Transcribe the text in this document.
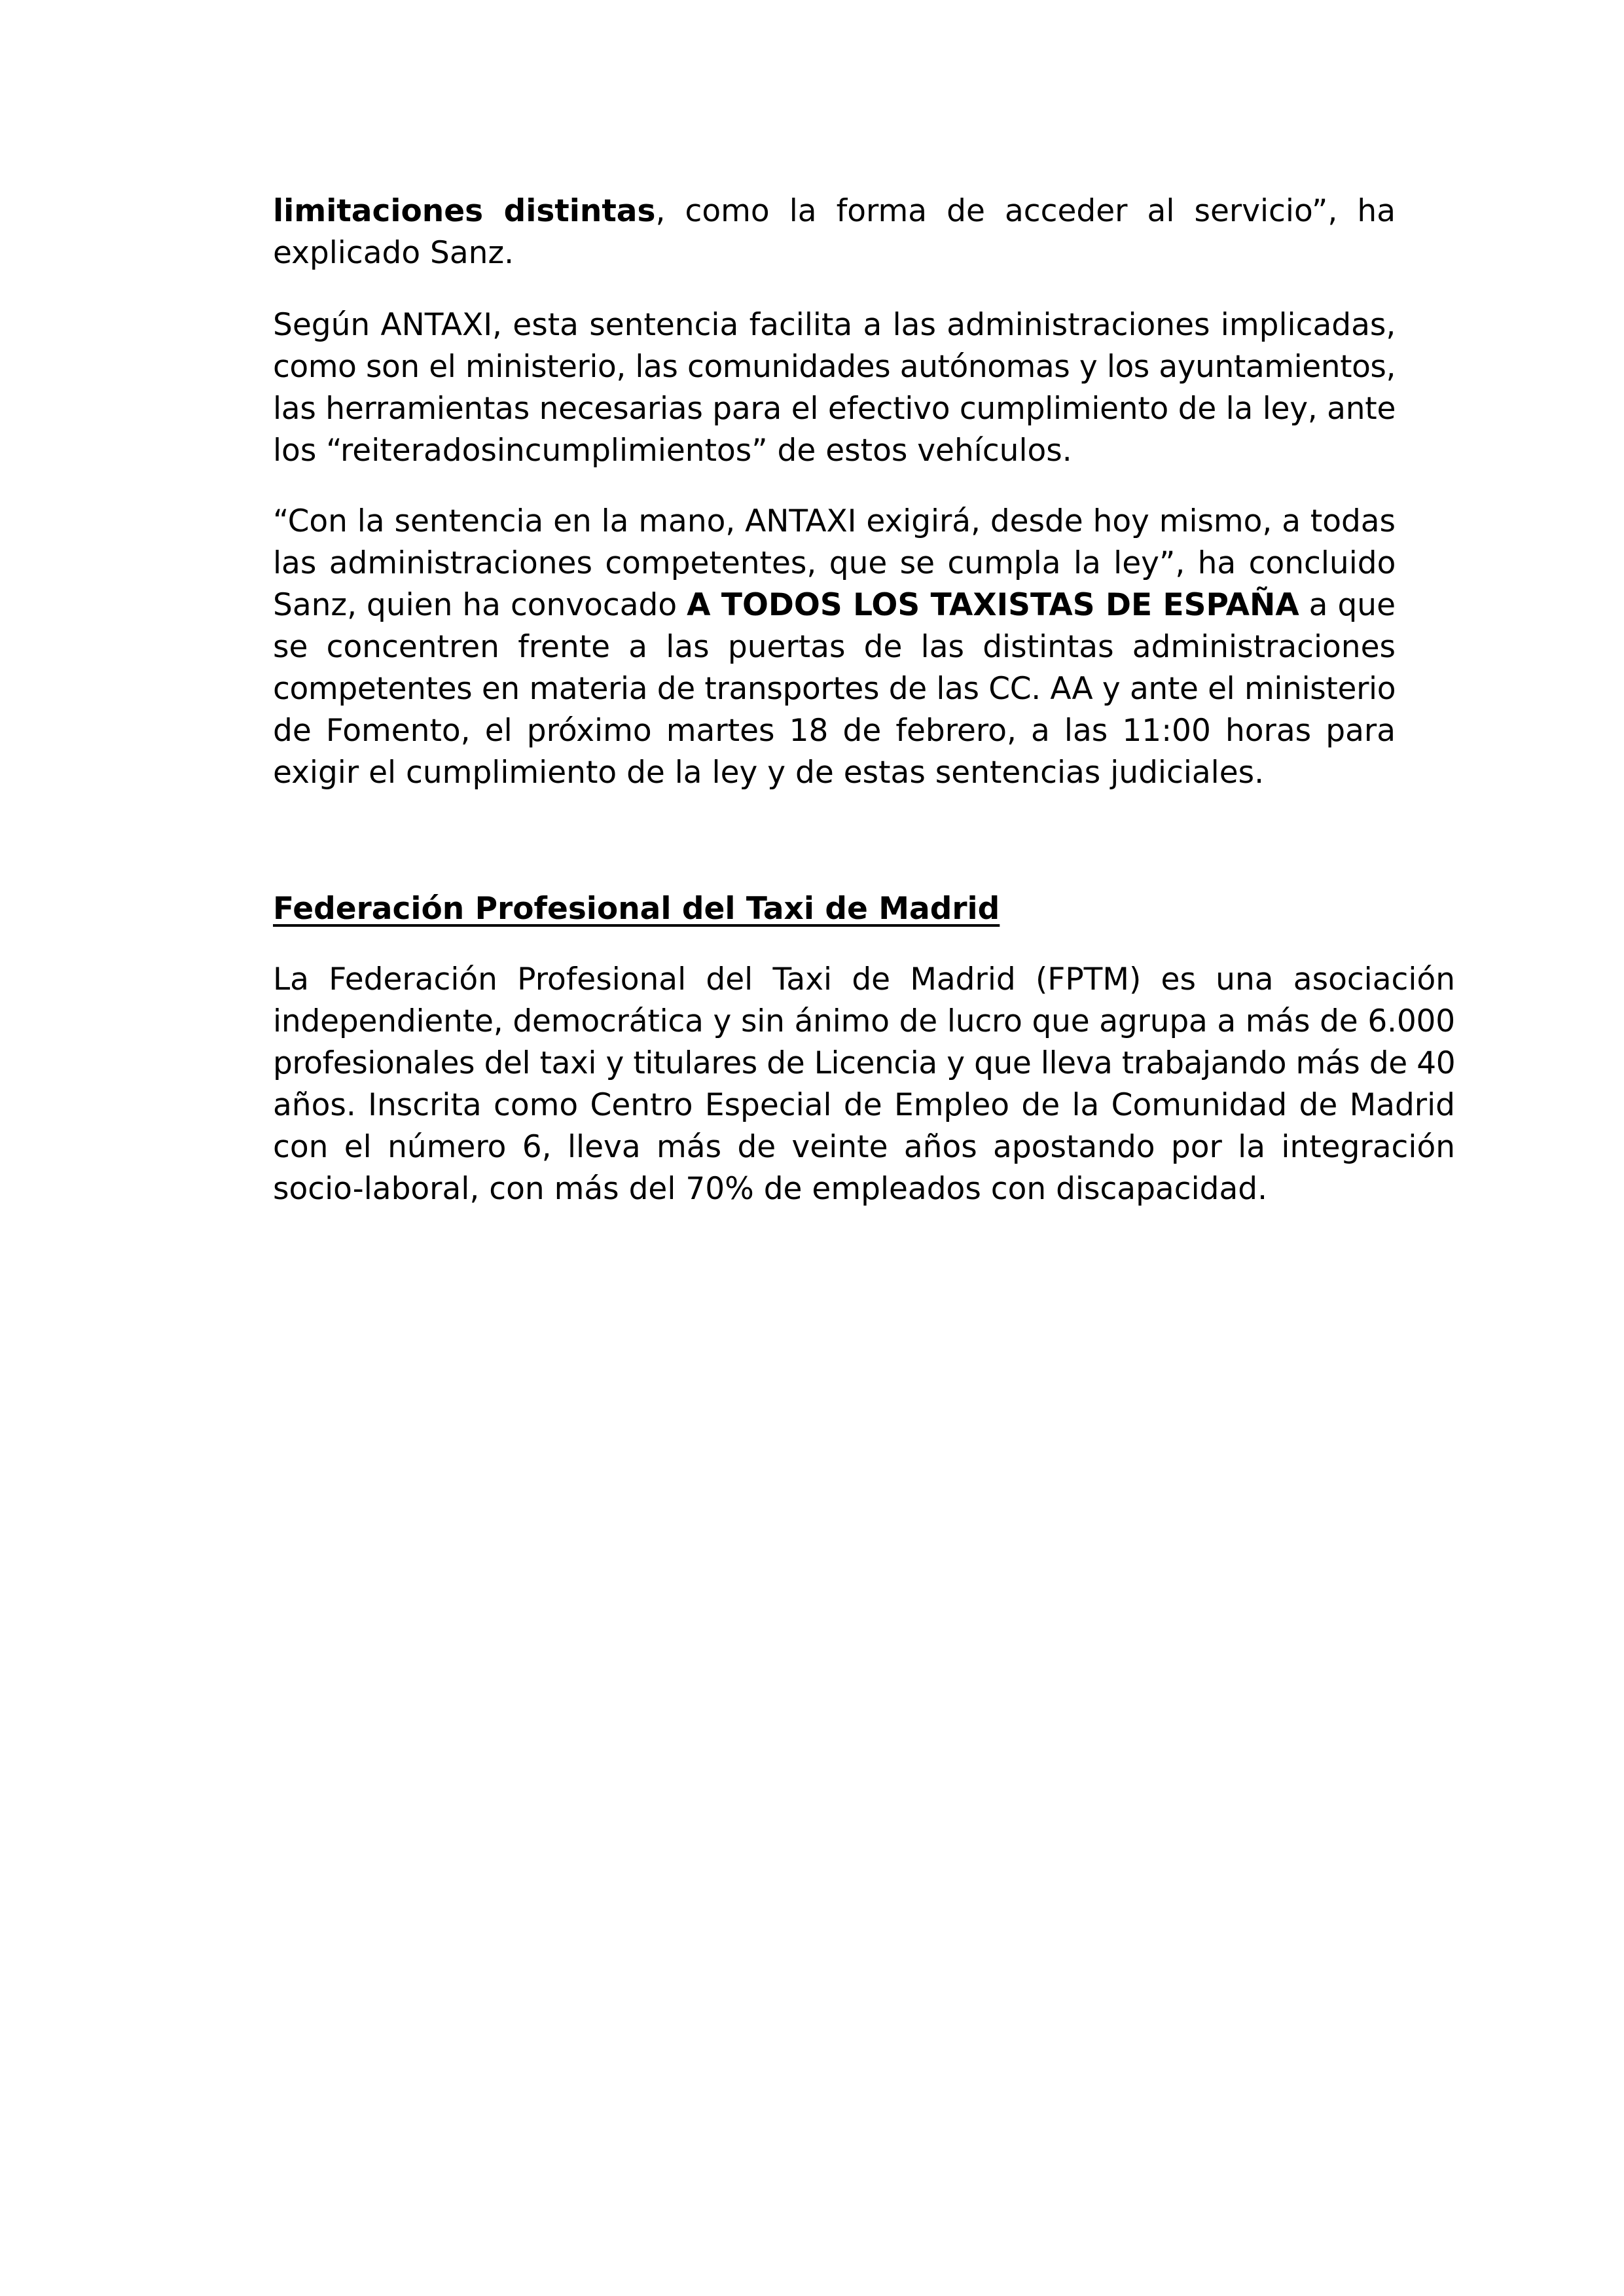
limitaciones distintas, como la forma de acceder al servicio”, ha
explicado Sanz.

Según ANTAXI, esta sentencia facilita a las administraciones implicadas,
como son el ministerio, las comunidades autónomas y los ayuntamientos,
las herramientas necesarias para el efectivo cumplimiento de la ley, ante
los “reiteradosincumplimientos” de estos vehículos.

“Con la sentencia en la mano, ANTAXI exigirá, desde hoy mismo, a todas
las administraciones competentes, que se cumpla la ley”, ha concluido
Sanz, quien ha convocado A TODOS LOS TAXISTAS DE ESPAÑA a que
se concentren frente a las puertas de las distintas administraciones
competentes en materia de transportes de las CC. AA y ante el ministerio
de Fomento, el próximo martes 18 de febrero, a las 11:00 horas para
exigir el cumplimiento de la ley y de estas sentencias judiciales.

Federación Profesional del Taxi de Madrid

La Federación Profesional del Taxi de Madrid (FPTM) es una asociación
independiente, democrática y sin ánimo de lucro que agrupa a más de 6.000
profesionales del taxi y titulares de Licencia y que lleva trabajando más de 40
años. Inscrita como Centro Especial de Empleo de la Comunidad de Madrid
con el número 6, lleva más de veinte años apostando por la integración
socio-laboral, con más del 70% de empleados con discapacidad.
